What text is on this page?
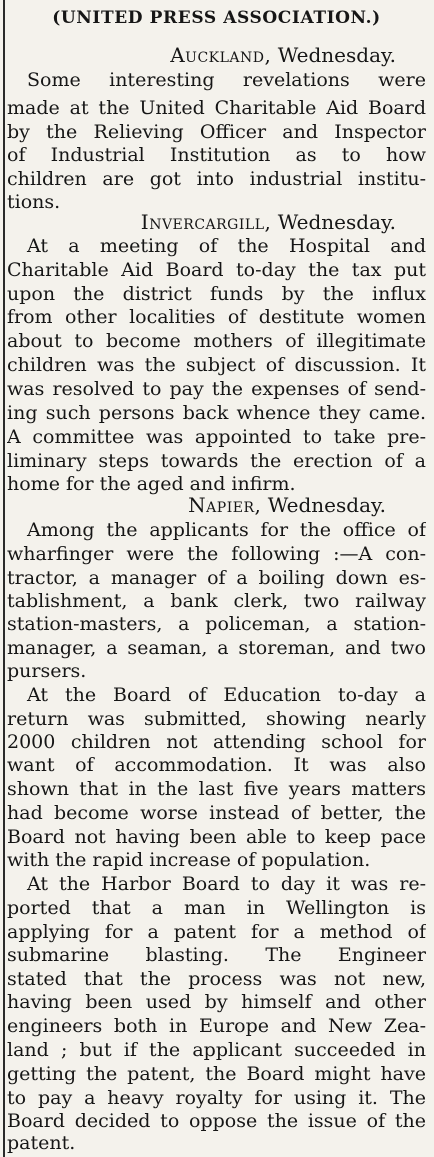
(UNITED PRESS ASSOCIATION.)
Auckland, Wednesday.
Some interesting revelations were
made at the United Charitable Aid Board
by the Relieving Officer and Inspector
of Industrial Institution as to how
children are got into industrial institu-
tions.
Invercargill, Wednesday.
At a meeting of the Hospital and
Charitable Aid Board to-day the tax put
upon the district funds by the influx
from other localities of destitute women
about to become mothers of illegitimate
children was the subject of discussion. It
was resolved to pay the expenses of send-
ing such persons back whence they came.
A committee was appointed to take pre-
liminary steps towards the erection of a
home for the aged and infirm.
Napier, Wednesday.
Among the applicants for the office of
wharfinger were the following :—A con-
tractor, a manager of a boiling down es-
tablishment, a bank clerk, two railway
station-masters, a policeman, a station-
manager, a seaman, a storeman, and two
pursers.
At the Board of Education to-day a
return was submitted, showing nearly
2000 children not attending school for
want of accommodation. It was also
shown that in the last five years matters
had become worse instead of better, the
Board not having been able to keep pace
with the rapid increase of population.
At the Harbor Board to day it was re-
ported that a man in Wellington is
applying for a patent for a method of
submarine blasting. The Engineer
stated that the process was not new,
having been used by himself and other
engineers both in Europe and New Zea-
land ; but if the applicant succeeded in
getting the patent, the Board might have
to pay a heavy royalty for using it. The
Board decided to oppose the issue of the
patent.
